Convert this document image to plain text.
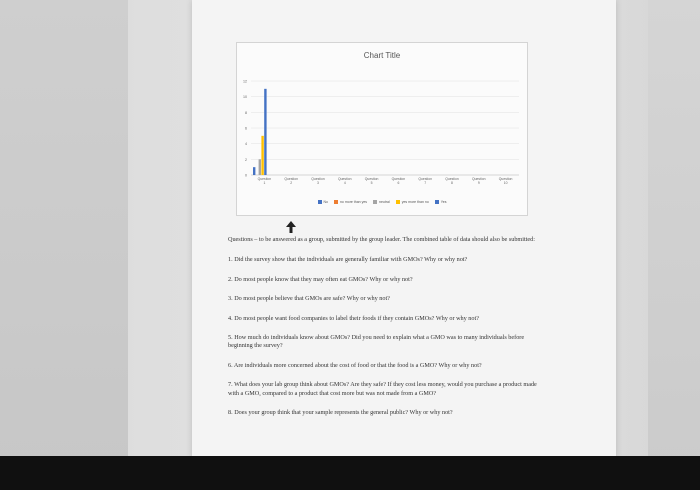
Chart Title
0
2
4
6
8
10
12
Question
1
Question
2
Question
3
Question
4
Question
5
Question
6
Question
7
Question
8
Question
9
Question
10
No	no more than yes	neutral	yes more than no	Yes

Questions – to be answered as a group, submitted by the group leader. The combined table of data should also be submitted:

1. Did the survey show that the individuals are generally familiar with GMOs? Why or why not?

2. Do most people know that they may often eat GMOs? Why or why not?

3. Do most people believe that GMOs are safe? Why or why not?

4. Do most people want food companies to label their foods if they contain GMOs? Why or why not?

5. How much do individuals know about GMOs? Did you need to explain what a GMO was to many individuals before beginning the survey?

6. Are individuals more concerned about the cost of food or that the food is a GMO? Why or why not?

7. What does your lab group think about GMOs? Are they safe? If they cost less money, would you purchase a product made with a GMO, compared to a product that cost more but was not made from a GMO?

8. Does your group think that your sample represents the general public? Why or why not?
